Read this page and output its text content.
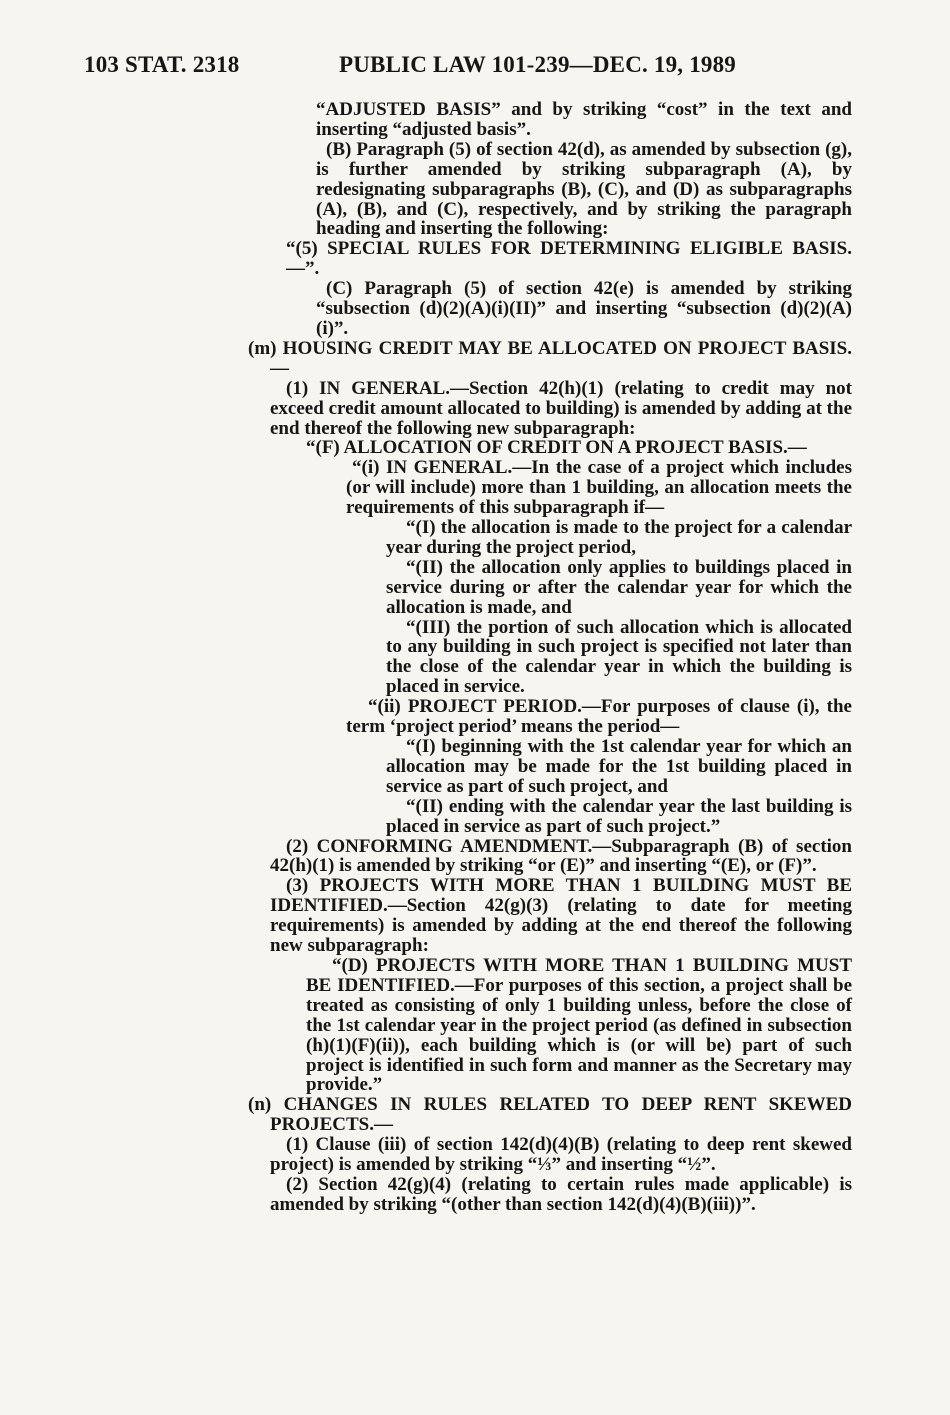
103 STAT. 2318	PUBLIC LAW 101-239—DEC. 19, 1989

“ADJUSTED BASIS” and by striking “cost” in the text and inserting “adjusted basis”.

(B) Paragraph (5) of section 42(d), as amended by subsection (g), is further amended by striking subparagraph (A), by redesignating subparagraphs (B), (C), and (D) as subparagraphs (A), (B), and (C), respectively, and by striking the paragraph heading and inserting the following:

“(5) SPECIAL RULES FOR DETERMINING ELIGIBLE BASIS.—”.

(C) Paragraph (5) of section 42(e) is amended by striking “subsection (d)(2)(A)(i)(II)” and inserting “subsection (d)(2)(A)(i)”.

(m) HOUSING CREDIT MAY BE ALLOCATED ON PROJECT BASIS.—

(1) IN GENERAL.—Section 42(h)(1) (relating to credit may not exceed credit amount allocated to building) is amended by adding at the end thereof the following new subparagraph:

“(F) ALLOCATION OF CREDIT ON A PROJECT BASIS.—

“(i) IN GENERAL.—In the case of a project which includes (or will include) more than 1 building, an allocation meets the requirements of this subparagraph if—

“(I) the allocation is made to the project for a calendar year during the project period,

“(II) the allocation only applies to buildings placed in service during or after the calendar year for which the allocation is made, and

“(III) the portion of such allocation which is allocated to any building in such project is specified not later than the close of the calendar year in which the building is placed in service.

“(ii) PROJECT PERIOD.—For purposes of clause (i), the term ‘project period’ means the period—

“(I) beginning with the 1st calendar year for which an allocation may be made for the 1st building placed in service as part of such project, and

“(II) ending with the calendar year the last building is placed in service as part of such project.”

(2) CONFORMING AMENDMENT.—Subparagraph (B) of section 42(h)(1) is amended by striking “or (E)” and inserting “(E), or (F)”.

(3) PROJECTS WITH MORE THAN 1 BUILDING MUST BE IDENTIFIED.—Section 42(g)(3) (relating to date for meeting requirements) is amended by adding at the end thereof the following new subparagraph:

“(D) PROJECTS WITH MORE THAN 1 BUILDING MUST BE IDENTIFIED.—For purposes of this section, a project shall be treated as consisting of only 1 building unless, before the close of the 1st calendar year in the project period (as defined in subsection (h)(1)(F)(ii)), each building which is (or will be) part of such project is identified in such form and manner as the Secretary may provide.”

(n) CHANGES IN RULES RELATED TO DEEP RENT SKEWED PROJECTS.—

(1) Clause (iii) of section 142(d)(4)(B) (relating to deep rent skewed project) is amended by striking “⅓” and inserting “½”.

(2) Section 42(g)(4) (relating to certain rules made applicable) is amended by striking “(other than section 142(d)(4)(B)(iii))”.
